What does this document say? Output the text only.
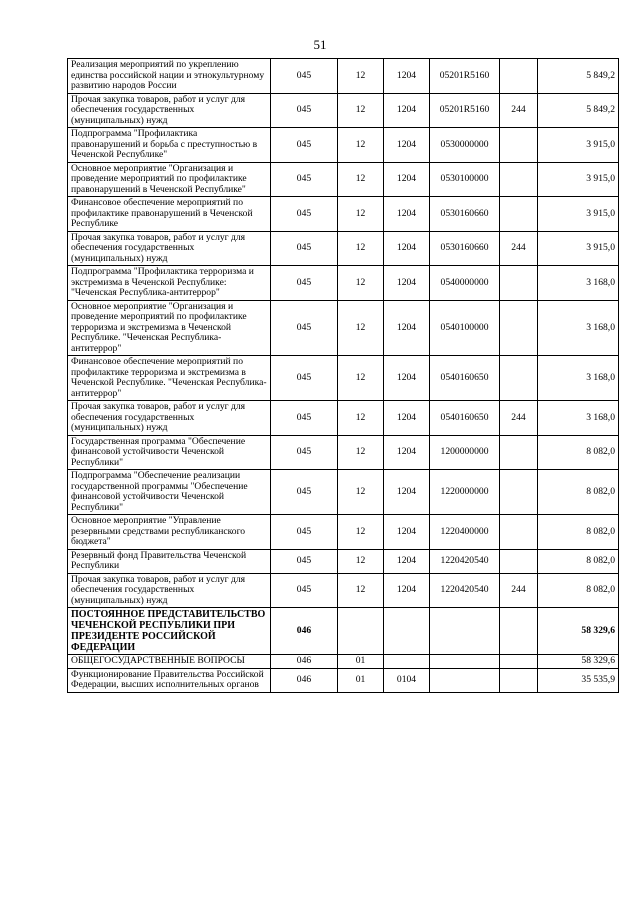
51
Реализация мероприятий по укреплению единства российской нации и этнокультурному развитию народов России	045	12	1204	05201R5160		5 849,2
Прочая закупка товаров, работ и услуг для обеспечения государственных (муниципальных) нужд	045	12	1204	05201R5160	244	5 849,2
Подпрограмма "Профилактика правонарушений и борьба с преступностью в Чеченской Республике"	045	12	1204	0530000000		3 915,0
Основное мероприятие "Организация и проведение мероприятий по профилактике правонарушений в Чеченской Республике"	045	12	1204	0530100000		3 915,0
Финансовое обеспечение мероприятий по профилактике правонарушений в Чеченской Республике	045	12	1204	0530160660		3 915,0
Прочая закупка товаров, работ и услуг для обеспечения государственных (муниципальных) нужд	045	12	1204	0530160660	244	3 915,0
Подпрограмма "Профилактика терроризма и экстремизма в Чеченской Республике: "Чеченская Республика-антитеррор"	045	12	1204	0540000000		3 168,0
Основное мероприятие "Организация и проведение мероприятий по профилактике терроризма и экстремизма в Чеченской Республике. "Чеченская Республика-антитеррор"	045	12	1204	0540100000		3 168,0
Финансовое обеспечение мероприятий по профилактике терроризма и экстремизма в Чеченской Республике. "Чеченская Республика-антитеррор"	045	12	1204	0540160650		3 168,0
Прочая закупка товаров, работ и услуг для обеспечения государственных (муниципальных) нужд	045	12	1204	0540160650	244	3 168,0
Государственная программа "Обеспечение финансовой устойчивости Чеченской Республики"	045	12	1204	1200000000		8 082,0
Подпрограмма "Обеспечение реализации государственной программы "Обеспечение финансовой устойчивости Чеченской Республики"	045	12	1204	1220000000		8 082,0
Основное мероприятие "Управление резервными средствами республиканского бюджета"	045	12	1204	1220400000		8 082,0
Резервный фонд Правительства Чеченской Республики	045	12	1204	1220420540		8 082,0
Прочая закупка товаров, работ и услуг для обеспечения государственных (муниципальных) нужд	045	12	1204	1220420540	244	8 082,0
ПОСТОЯННОЕ ПРЕДСТАВИТЕЛЬСТВО ЧЕЧЕНСКОЙ РЕСПУБЛИКИ ПРИ ПРЕЗИДЕНТЕ РОССИЙСКОЙ ФЕДЕРАЦИИ	046					58 329,6
ОБЩЕГОСУДАРСТВЕННЫЕ ВОПРОСЫ	046	01				58 329,6
Функционирование Правительства Российской Федерации, высших исполнительных органов	046	01	0104			35 535,9
